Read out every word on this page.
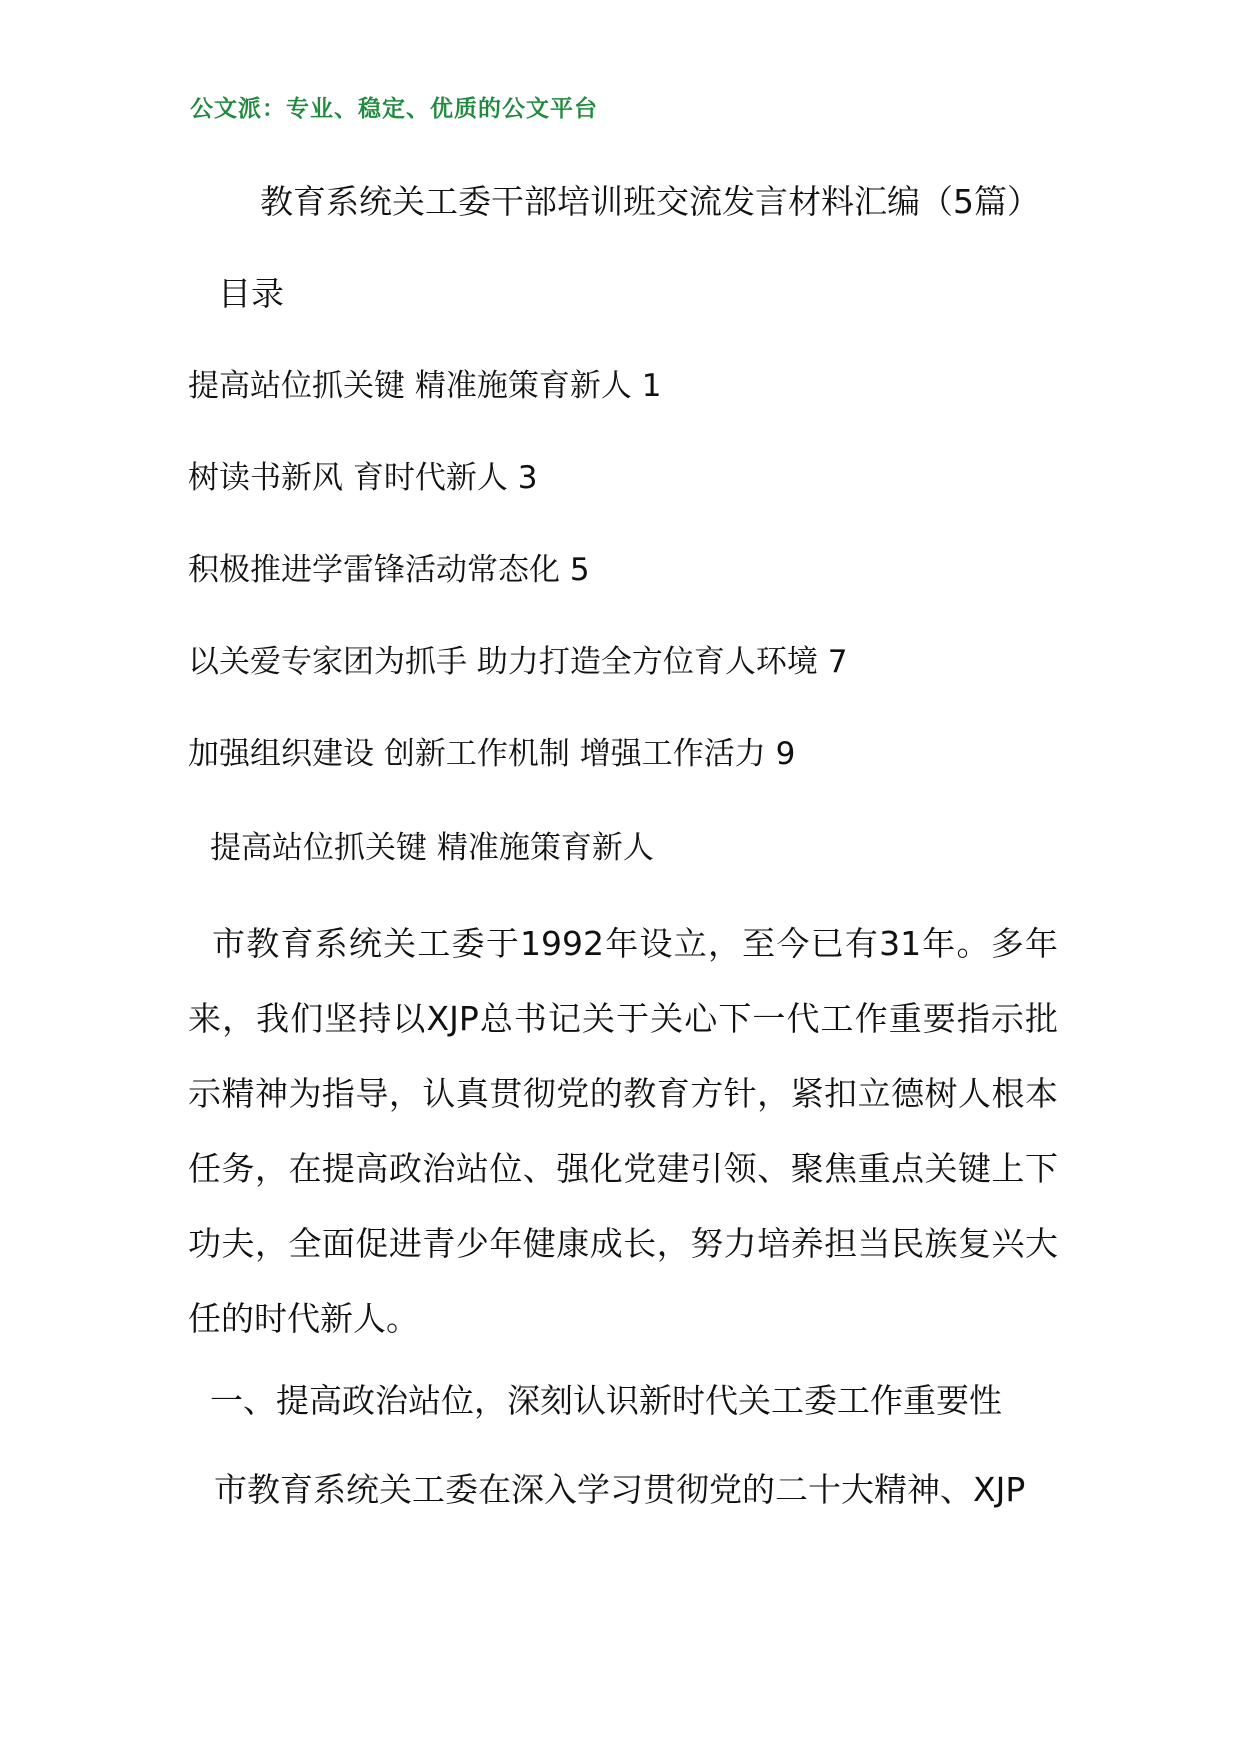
公文派：专业、稳定、优质的公文平台
教育系统关工委干部培训班交流发言材料汇编（5篇）
目录
提高站位抓关键 精准施策育新人 1
树读书新风 育时代新人 3
积极推进学雷锋活动常态化 5
以关爱专家团为抓手 助力打造全方位育人环境 7
加强组织建设 创新工作机制 增强工作活力 9
提高站位抓关键 精准施策育新人
市教育系统关工委于1992年设立，至今已有31年。多年来，我们坚持以XJP总书记关于关心下一代工作重要指示批示精神为指导，认真贯彻党的教育方针，紧扣立德树人根本任务，在提高政治站位、强化党建引领、聚焦重点关键上下功夫，全面促进青少年健康成长，努力培养担当民族复兴大任的时代新人。
一、提高政治站位，深刻认识新时代关工委工作重要性
市教育系统关工委在深入学习贯彻党的二十大精神、XJP
